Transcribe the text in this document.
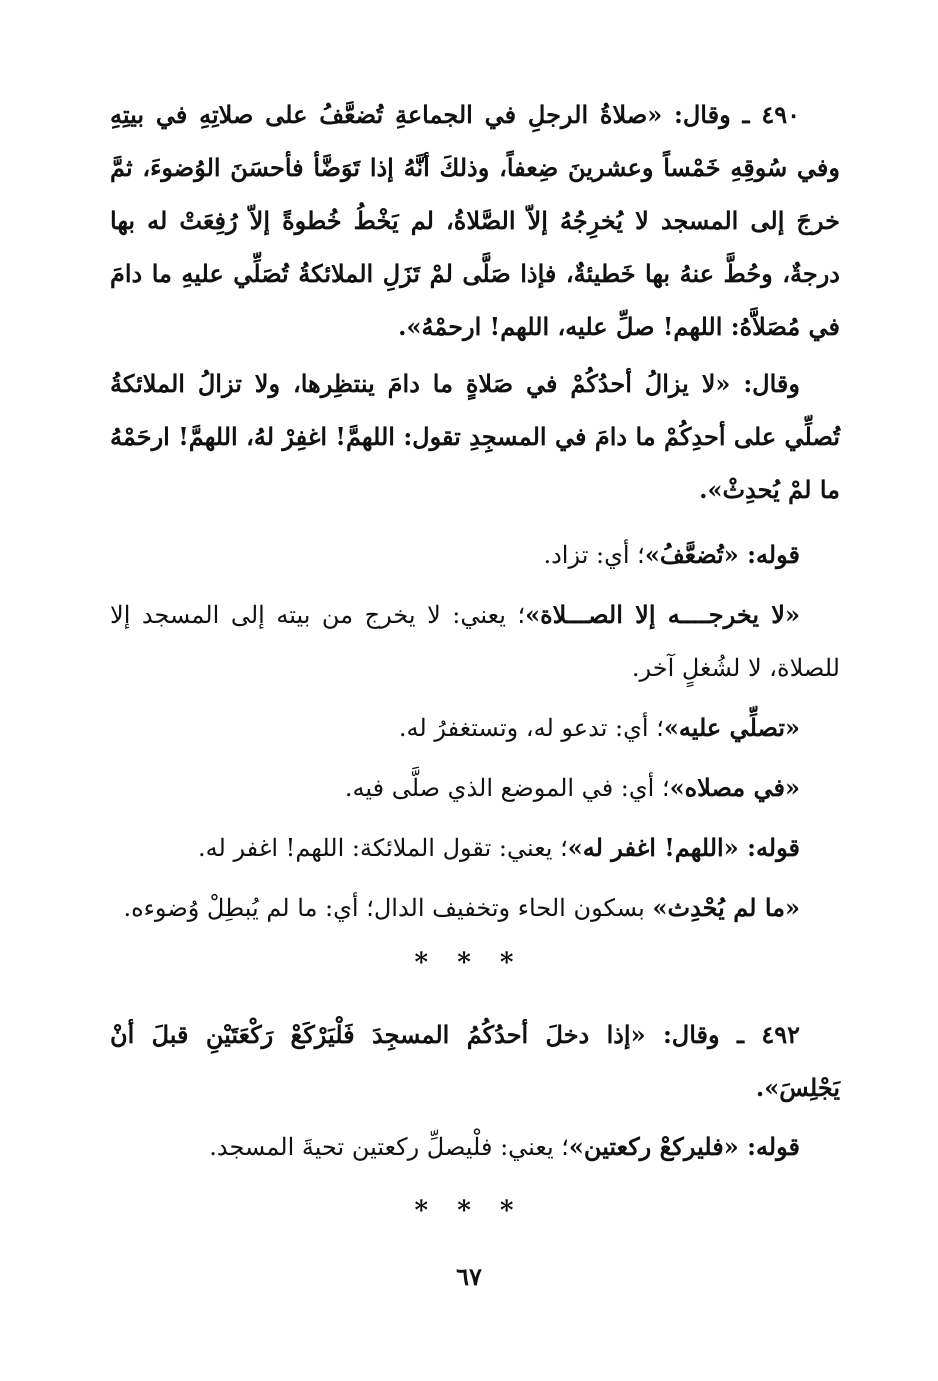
٤٩٠ ـ وقال: «صلاةُ الرجلِ في الجماعةِ تُضعَّفُ على صلاتِهِ في بيتِهِ وفي سُوقِهِ خَمْساً وعشرينَ ضِعفاً، وذلكَ أنَّهُ إذا تَوَضَّأ فأحسَنَ الوُضوءَ، ثمَّ خرجَ إلى المسجد لا يُخرِجُهُ إلاّ الصَّلاةُ، لم يَخْطُ خُطوةً إلاّ رُفِعَتْ له بها درجةٌ، وحُطَّ عنهُ بها خَطيئةٌ، فإذا صَلَّى لمْ تَزَلِ الملائكةُ تُصَلِّي عليهِ ما دامَ في مُصَلاَّهُ: اللهم! صلِّ عليه، اللهم! ارحمْهُ».

وقال: «لا يزالُ أحدُكُمْ في صَلاةٍ ما دامَ ينتظِرها، ولا تزالُ الملائكةُ تُصلِّي على أحدِكُمْ ما دامَ في المسجِدِ تقول: اللهمَّ! اغفِرْ لهُ، اللهمَّ! ارحَمْهُ ما لمْ يُحدِثْ».

قوله: «تُضعَّفُ»؛ أي: تزاد.

«لا يخرجــــه إلا الصـــلاة»؛ يعني: لا يخرج من بيته إلى المسجد إلا للصلاة، لا لشُغلٍ آخر.

«تصلِّي عليه»؛ أي: تدعو له، وتستغفرُ له.

«في مصلاه»؛ أي: في الموضع الذي صلَّى فيه.

قوله: «اللهم! اغفر له»؛ يعني: تقول الملائكة: اللهم! اغفر له.

«ما لم يُحْدِث» بسكون الحاء وتخفيف الدال؛ أي: ما لم يُبطِلْ وُضوءه.

* * *

٤٩٢ ـ وقال: «إذا دخلَ أحدُكُمُ المسجِدَ فَلْيَرْكَعْ رَكْعَتَيْنِ قبلَ أنْ يَجْلِسَ».

قوله: «فليركعْ ركعتين»؛ يعني: فلْيصلِّ ركعتين تحيةَ المسجد.

* * *
٦٧
